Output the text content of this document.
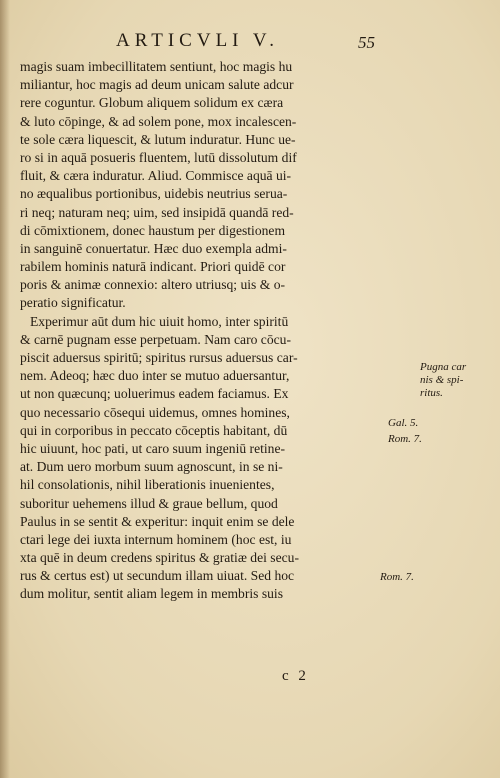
ARTICVLI V.	55
magis suam imbecillitatem sentiunt, hoc magis hu
miliantur, hoc magis ad deum unicam salute adcur
rere coguntur. Globum aliquem solidum ex cæra
& luto cōpinge, & ad solem pone, mox incalescen-
te sole cæra liquescit, & lutum induratur. Hunc ue-
ro si in aquā posueris fluentem, lutū dissolutum dif
fluit, & cæra induratur. Aliud. Commisce aquā ui-
no æqualibus portionibus, uidebis neutrius serua-
ri neq; naturam neq; uim, sed insipidā quandā red-
di cōmixtionem, donec haustum per digestionem
in sanguinē conuertatur. Hæc duo exempla admi-
rabilem hominis naturā indicant. Priori quidē cor
poris & animæ connexio: altero utriusq; uis & o-
peratio significatur.
Experimur aūt dum hic uiuit homo, inter spiritū
& carnē pugnam esse perpetuam. Nam caro cōcu-
piscit aduersus spiritū; spiritus rursus aduersus car-
nem. Adeoq; hæc duo inter se mutuo aduersantur,
ut non quæcunq; uoluerimus eadem faciamus. Ex
quo necessario cōsequi uidemus, omnes homines,
qui in corporibus in peccato cōceptis habitant, dū
hic uiuunt, hoc pati, ut caro suum ingeniū retine-
at. Dum uero morbum suum agnoscunt, in se ni-
hil consolationis, nihil liberationis inuenientes,
suboritur uehemens illud & graue bellum, quod
Paulus in se sentit & experitur: inquit enim se dele
ctari lege dei iuxta internum hominem (hoc est, iu
xta quē in deum credens spiritus & gratiæ dei secu-
rus & certus est) ut secundum illam uiuat. Sed hoc
dum molitur, sentit aliam legem in membris suis
Pugna car
nis & spi-
ritus.
Gal. 5.
Rom. 7.
Rom. 7.
c 2
